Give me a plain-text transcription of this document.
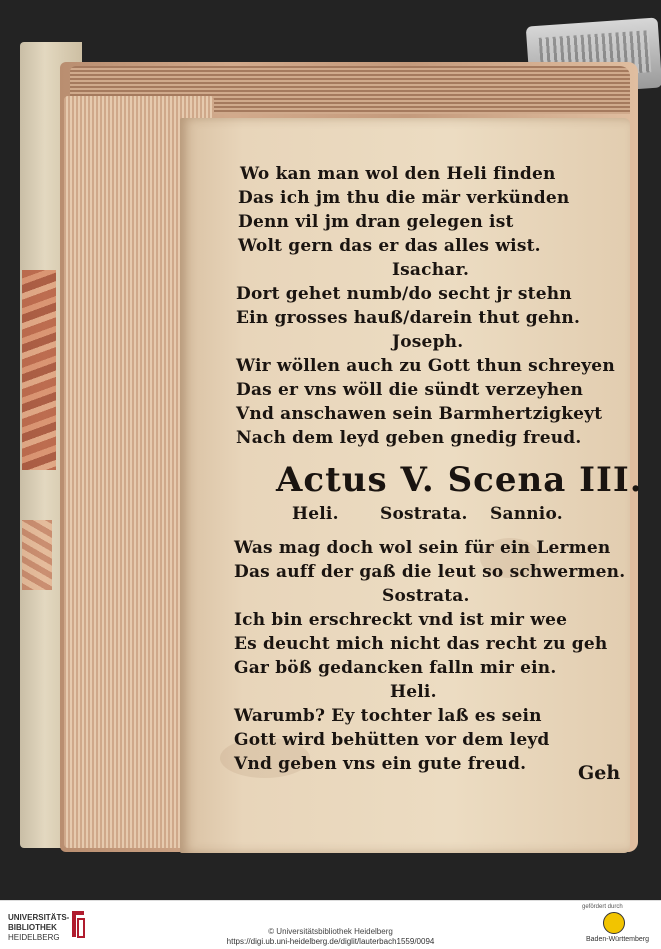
Wo kan man wol den Heli finden
Das ich jm thu die mär verkünden
Denn vil jm dran gelegen ist
Wolt gern das er das alles wist.
Isachar.
Dort gehet numb/do secht jr stehn
Ein grosses hauß/darein thut gehn.
Joseph.
Wir wöllen auch zu Gott thun schreyen
Das er vns wöll die sündt verzeyhen
Vnd anschawen sein Barmhertzigkeyt
Nach dem leyd geben gnedig freud.
Actus V. Scena III.
Heli. Sostrata. Sannio.
Was mag doch wol sein für ein Lermen
Das auff der gaß die leut so schwermen.
Sostrata.
Ich bin erschreckt vnd ist mir wee
Es deucht mich nicht das recht zu geh
Gar böß gedancken falln mir ein.
Heli.
Warumb? Ey tochter laß es sein
Gott wird behütten vor dem leyd
Vnd geben vns ein gute freud.	Geh
UNIVERSITÄTS-
BIBLIOTHEK
HEIDELBERG
© Universitätsbibliothek Heidelberg
https://digi.ub.uni-heidelberg.de/diglit/lauterbach1559/0094
gefördert durch
Baden-Württemberg
